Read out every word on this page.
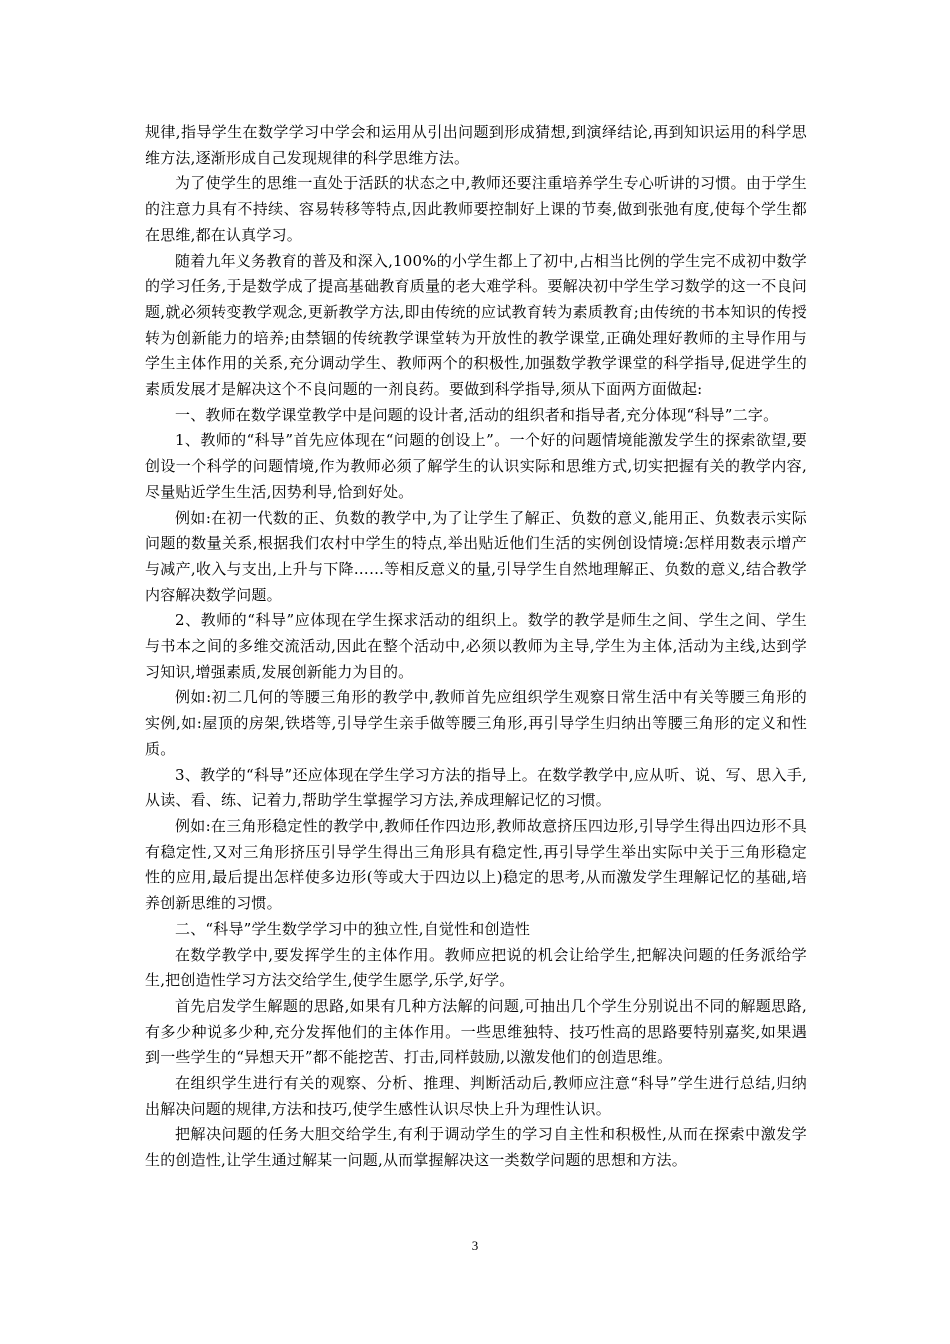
规律,指导学生在数学学习中学会和运用从引出问题到形成猜想,到演绎结论,再到知识运用的科学思维方法,逐渐形成自己发现规律的科学思维方法。

为了使学生的思维一直处于活跃的状态之中,教师还要注重培养学生专心听讲的习惯。由于学生的注意力具有不持续、容易转移等特点,因此教师要控制好上课的节奏,做到张弛有度,使每个学生都在思维,都在认真学习。

随着九年义务教育的普及和深入,100%的小学生都上了初中,占相当比例的学生完不成初中数学的学习任务,于是数学成了提高基础教育质量的老大难学科。要解决初中学生学习数学的这一不良问题,就必须转变教学观念,更新教学方法,即由传统的应试教育转为素质教育;由传统的书本知识的传授转为创新能力的培养;由禁锢的传统教学课堂转为开放性的教学课堂,正确处理好教师的主导作用与学生主体作用的关系,充分调动学生、教师两个的积极性,加强数学教学课堂的科学指导,促进学生的素质发展才是解决这个不良问题的一剂良药。要做到科学指导,须从下面两方面做起:

一、教师在数学课堂教学中是问题的设计者,活动的组织者和指导者,充分体现“科导”二字。

1、教师的“科导”首先应体现在“问题的创设上”。一个好的问题情境能激发学生的探索欲望,要创设一个科学的问题情境,作为教师必须了解学生的认识实际和思维方式,切实把握有关的教学内容,尽量贴近学生生活,因势利导,恰到好处。

例如:在初一代数的正、负数的教学中,为了让学生了解正、负数的意义,能用正、负数表示实际问题的数量关系,根据我们农村中学生的特点,举出贴近他们生活的实例创设情境:怎样用数表示增产与减产,收入与支出,上升与下降……等相反意义的量,引导学生自然地理解正、负数的意义,结合教学内容解决数学问题。

2、教师的“科导”应体现在学生探求活动的组织上。数学的教学是师生之间、学生之间、学生与书本之间的多维交流活动,因此在整个活动中,必须以教师为主导,学生为主体,活动为主线,达到学习知识,增强素质,发展创新能力为目的。

例如:初二几何的等腰三角形的教学中,教师首先应组织学生观察日常生活中有关等腰三角形的实例,如:屋顶的房架,铁塔等,引导学生亲手做等腰三角形,再引导学生归纳出等腰三角形的定义和性质。

3、教学的“科导”还应体现在学生学习方法的指导上。在数学教学中,应从听、说、写、思入手,从读、看、练、记着力,帮助学生掌握学习方法,养成理解记忆的习惯。

例如:在三角形稳定性的教学中,教师任作四边形,教师故意挤压四边形,引导学生得出四边形不具有稳定性,又对三角形挤压引导学生得出三角形具有稳定性,再引导学生举出实际中关于三角形稳定性的应用,最后提出怎样使多边形(等或大于四边以上)稳定的思考,从而激发学生理解记忆的基础,培养创新思维的习惯。

二、“科导”学生数学学习中的独立性,自觉性和创造性

在数学教学中,要发挥学生的主体作用。教师应把说的机会让给学生,把解决问题的任务派给学生,把创造性学习方法交给学生,使学生愿学,乐学,好学。

首先启发学生解题的思路,如果有几种方法解的问题,可抽出几个学生分别说出不同的解题思路,有多少种说多少种,充分发挥他们的主体作用。一些思维独特、技巧性高的思路要特别嘉奖,如果遇到一些学生的“异想天开”都不能挖苦、打击,同样鼓励,以激发他们的创造思维。

在组织学生进行有关的观察、分析、推理、判断活动后,教师应注意“科导”学生进行总结,归纳出解决问题的规律,方法和技巧,使学生感性认识尽快上升为理性认识。

把解决问题的任务大胆交给学生,有利于调动学生的学习自主性和积极性,从而在探索中激发学生的创造性,让学生通过解某一问题,从而掌握解决这一类数学问题的思想和方法。

3
